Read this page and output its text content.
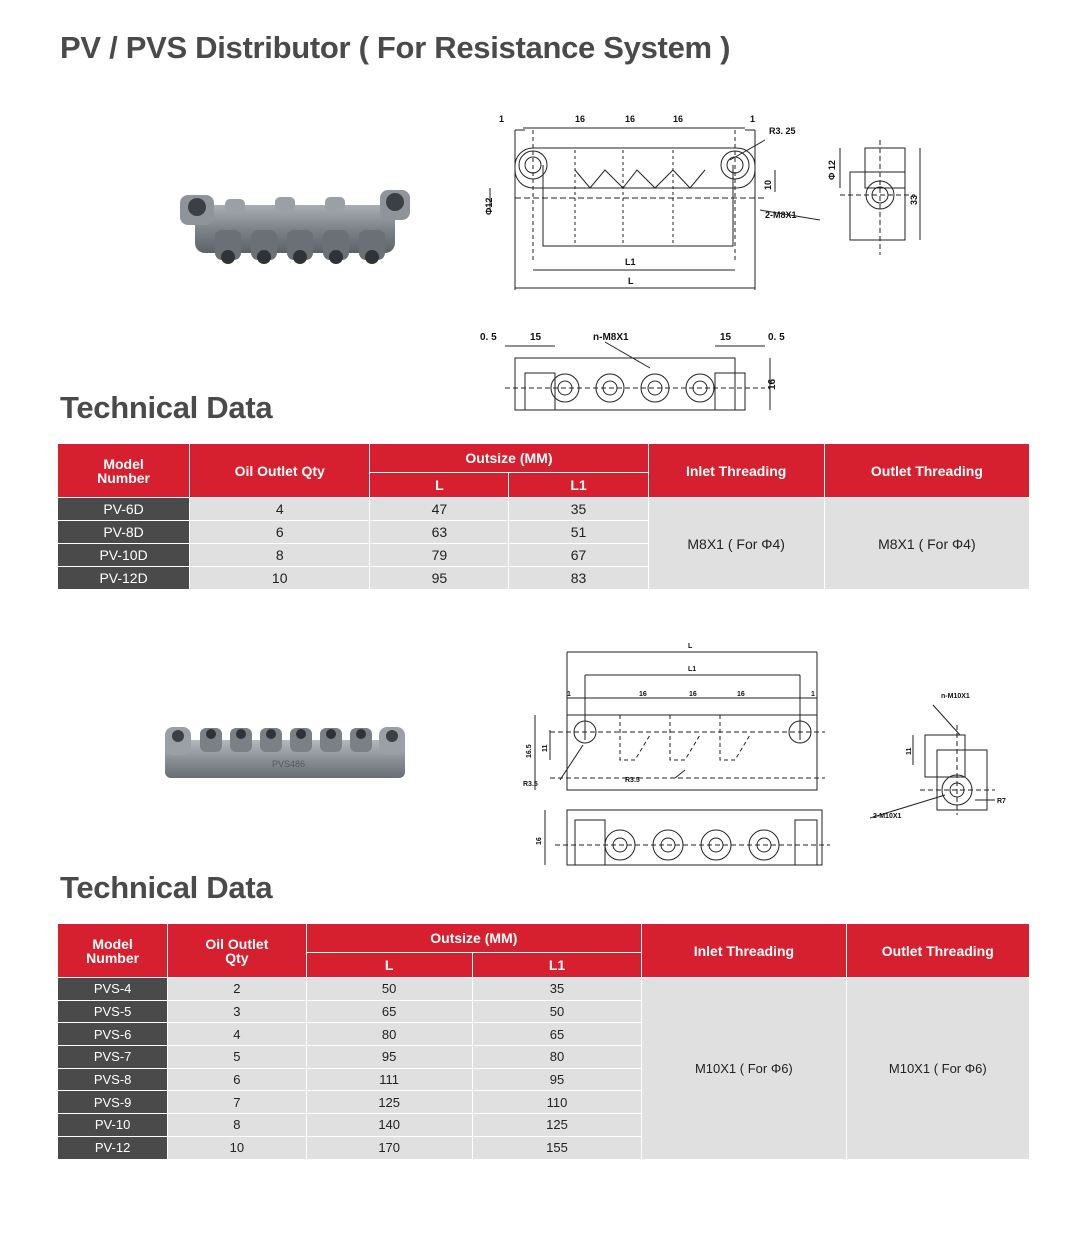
PV / PVS Distributor ( For Resistance System )
1	16	16	16	1
R3. 25
10
2-M8X1
Φ12
L1
L
Φ 12
33
0. 5	15	n-M8X1	15	0. 5
16
Technical Data
Model Number	Oil Outlet Qty	Outsize (MM)		Inlet Threading	Outlet Threading
		L	L1		
PV-6D	4	47	35	M8X1 ( For Φ4)	M8X1 ( For Φ4)
PV-8D	6	63	51		
PV-10D	8	79	67		
PV-12D	10	95	83		
PVS486
L
L1
1	16	16	16	1
16.5 11
R3.5
R3.5
n-M10X1
11
2-M10X1
R7
16
Technical Data
Model Number	Oil Outlet Qty	Outsize (MM)		Inlet Threading	Outlet Threading
		L	L1		
PVS-4	2	50	35	M10X1 ( For Φ6)	M10X1 ( For Φ6)
PVS-5	3	65	50		
PVS-6	4	80	65		
PVS-7	5	95	80		
PVS-8	6	111	95		
PVS-9	7	125	110		
PV-10	8	140	125		
PV-12	10	170	155		
